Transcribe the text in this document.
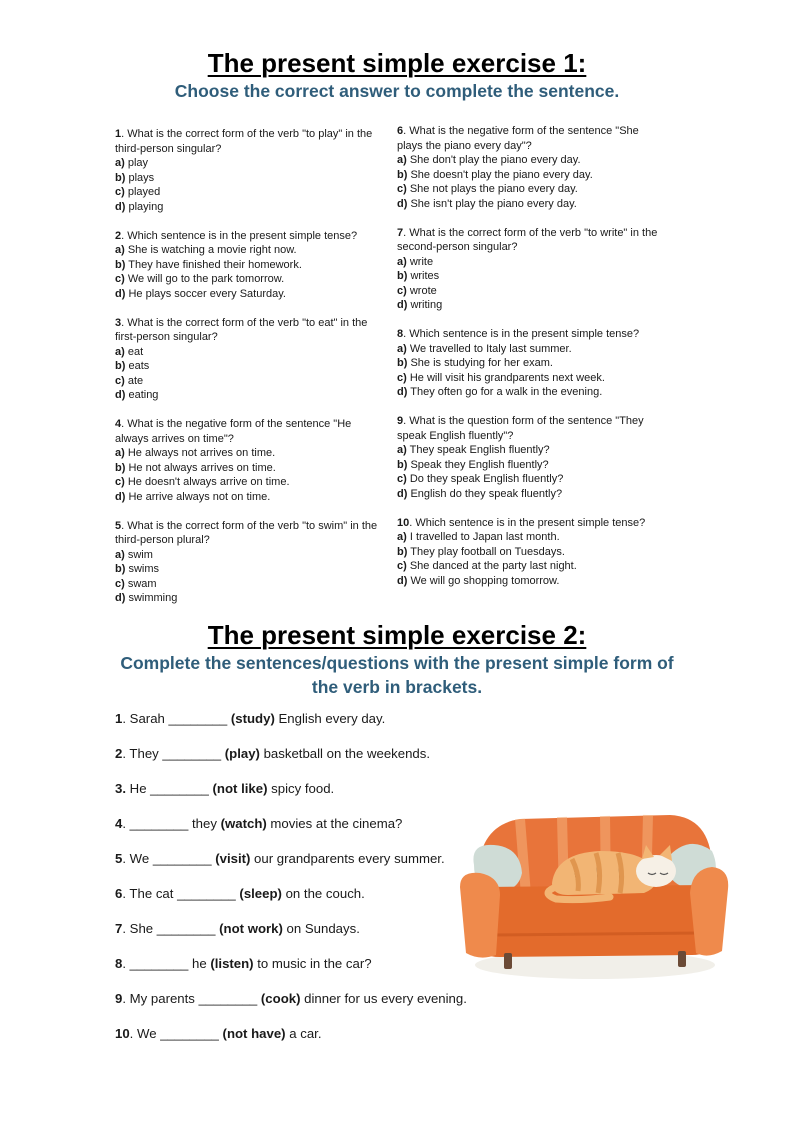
The present simple exercise 1:
Choose the correct answer to complete the sentence.
1. What is the correct form of the verb "to play" in the third-person singular?
a) play
b) plays
c) played
d) playing
2. Which sentence is in the present simple tense?
a) She is watching a movie right now.
b) They have finished their homework.
c) We will go to the park tomorrow.
d) He plays soccer every Saturday.
3. What is the correct form of the verb "to eat" in the first-person singular?
a) eat
b) eats
c) ate
d) eating
4. What is the negative form of the sentence "He always arrives on time"?
a) He always not arrives on time.
b) He not always arrives on time.
c) He doesn't always arrive on time.
d) He arrive always not on time.
5. What is the correct form of the verb "to swim" in the third-person plural?
a) swim
b) swims
c) swam
d) swimming
6. What is the negative form of the sentence "She plays the piano every day"?
a) She don't play the piano every day.
b) She doesn't play the piano every day.
c) She not plays the piano every day.
d) She isn't play the piano every day.
7. What is the correct form of the verb "to write" in the second-person singular?
a) write
b) writes
c) wrote
d) writing
8. Which sentence is in the present simple tense?
a) We travelled to Italy last summer.
b) She is studying for her exam.
c) He will visit his grandparents next week.
d) They often go for a walk in the evening.
9. What is the question form of the sentence "They speak English fluently"?
a) They speak English fluently?
b) Speak they English fluently?
c) Do they speak English fluently?
d) English do they speak fluently?
10. Which sentence is in the present simple tense?
a) I travelled to Japan last month.
b) They play football on Tuesdays.
c) She danced at the party last night.
d) We will go shopping tomorrow.
The present simple exercise 2:
Complete the sentences/questions with the present simple form of
the verb in brackets.
1. Sarah ________ (study) English every day.
2. They ________ (play) basketball on the weekends.
3. He ________ (not like) spicy food.
4. ________ they (watch) movies at the cinema?
5. We ________ (visit) our grandparents every summer.
6. The cat ________ (sleep) on the couch.
7. She ________ (not work) on Sundays.
8. ________ he (listen) to music in the car?
9. My parents ________ (cook) dinner for us every evening.
10. We ________ (not have) a car.
